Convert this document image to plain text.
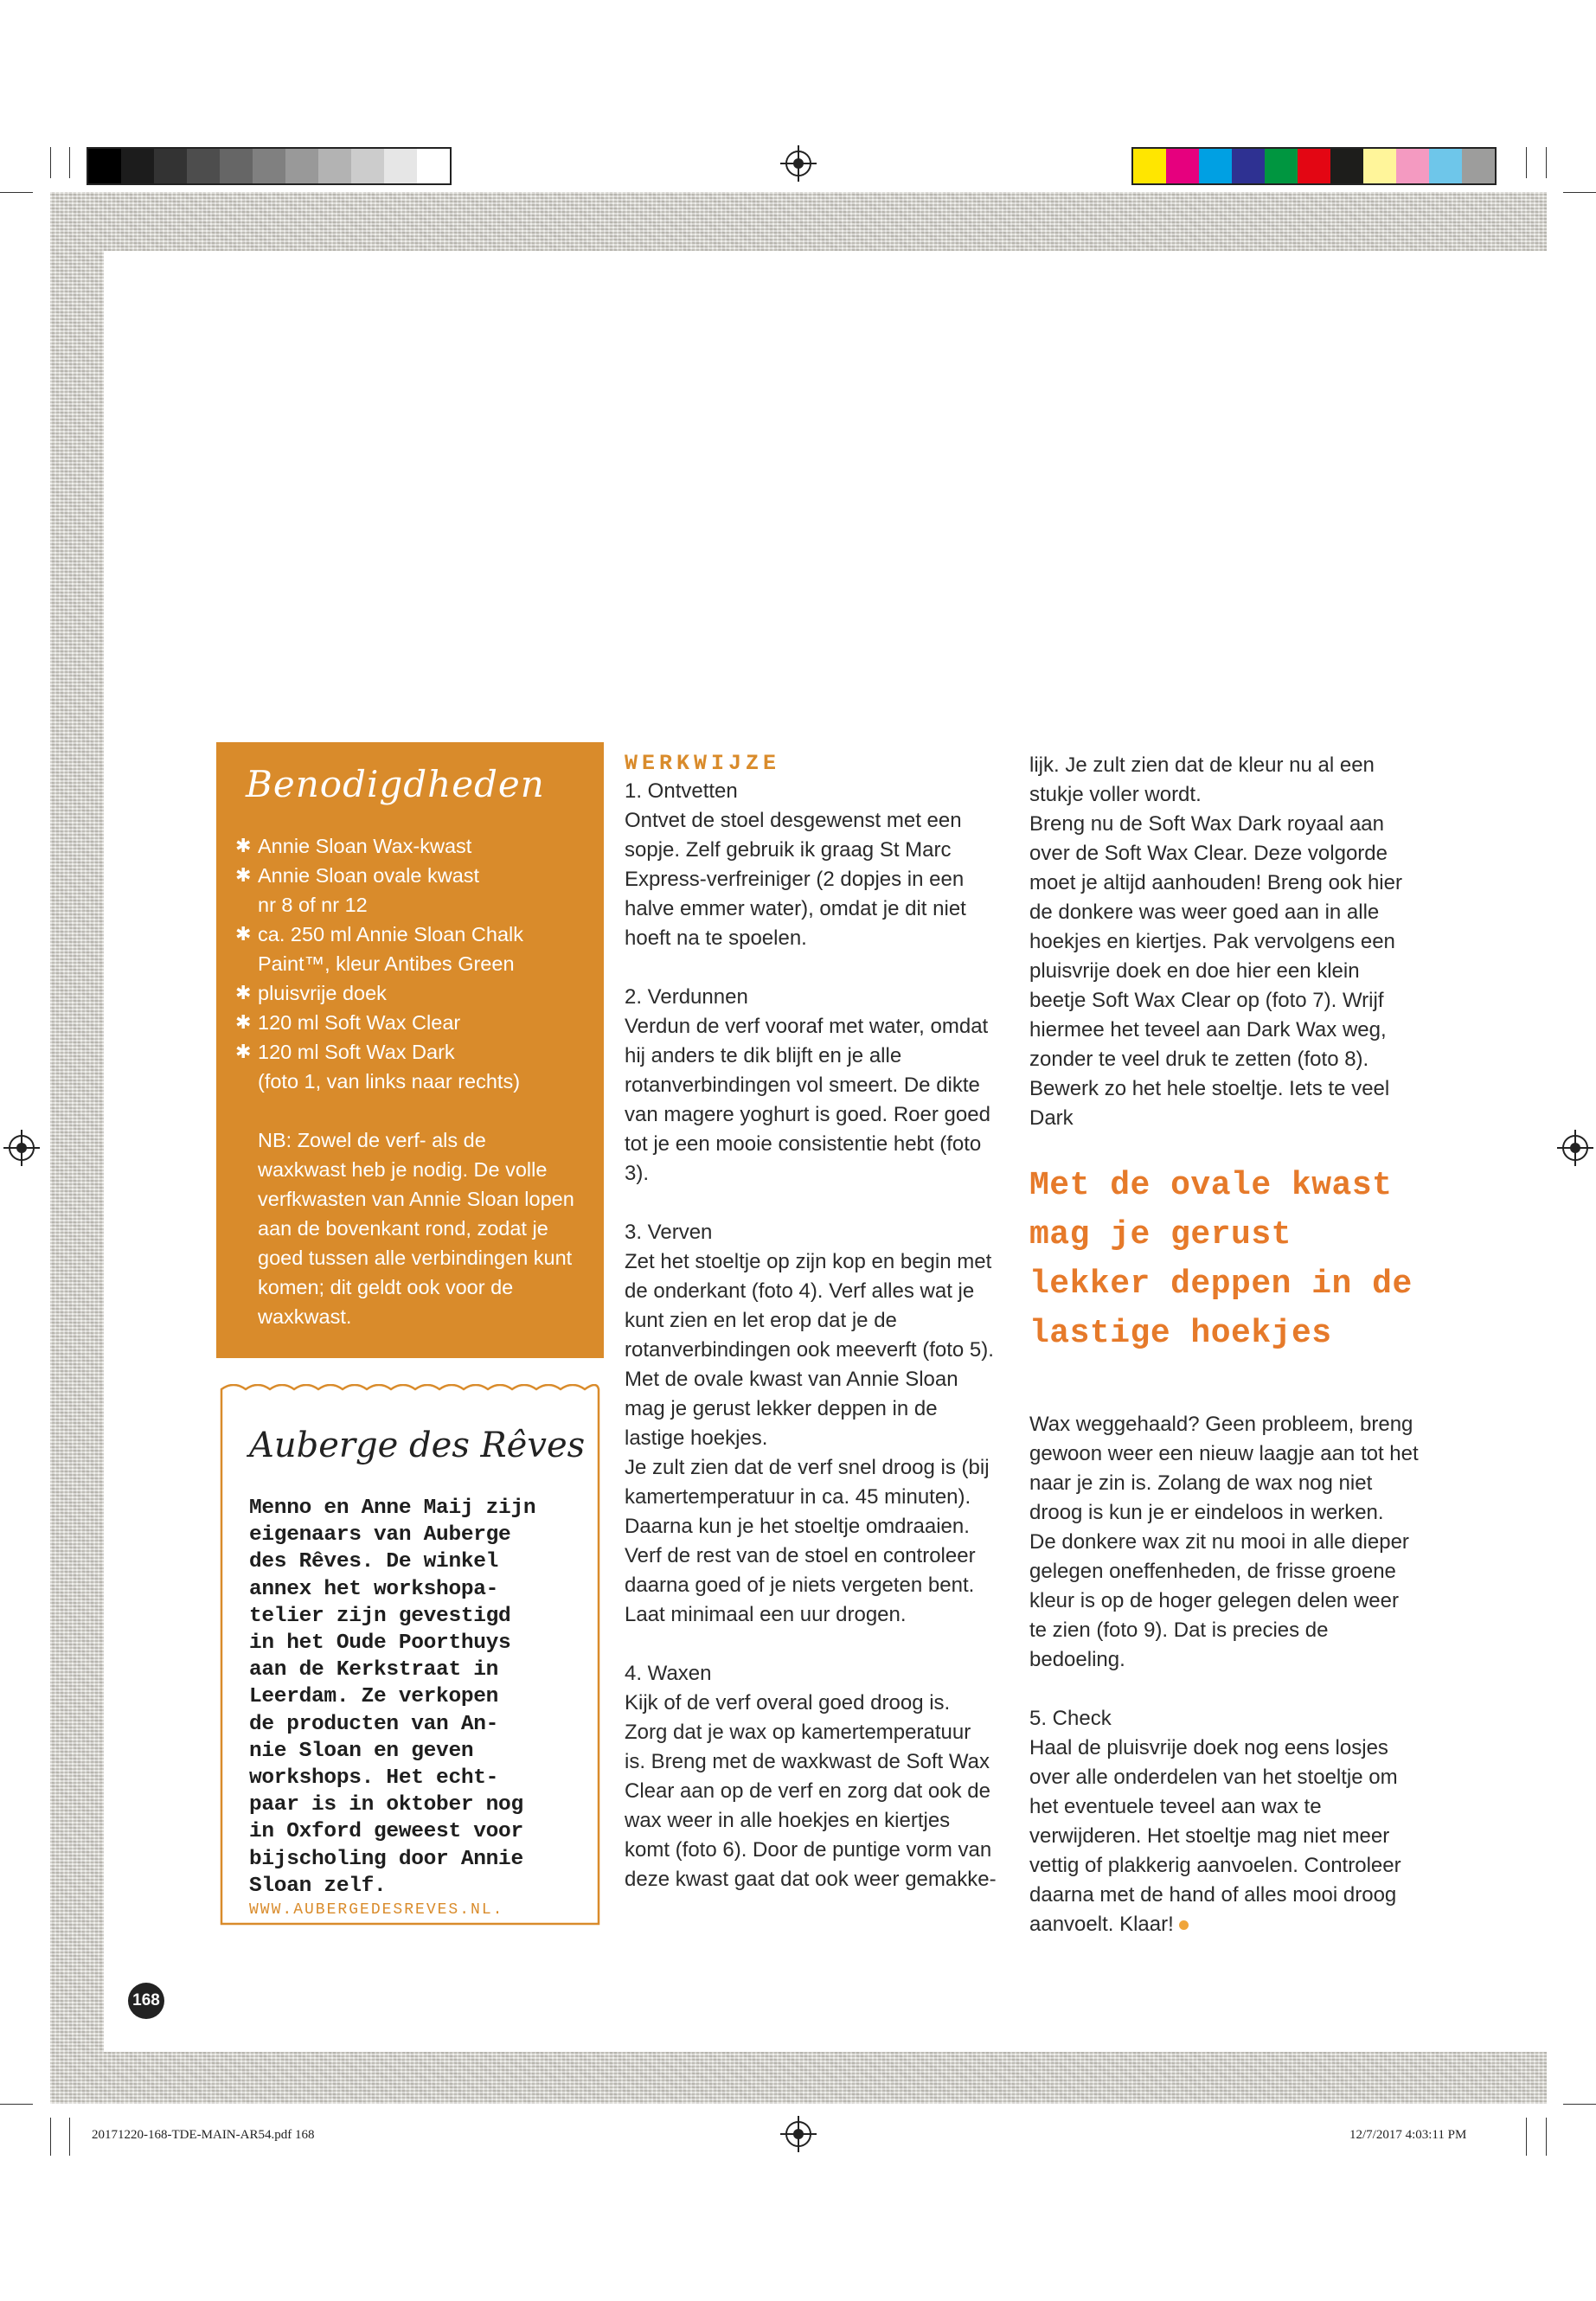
20171220-168-TDE-MAIN-AR54.pdf 168	12/7/2017 4:03:11 PM
Benodigdheden
✱ Annie Sloan Wax-kwast
✱ Annie Sloan ovale kwast
nr 8 of nr 12
✱ ca. 250 ml Annie Sloan Chalk
Paint™, kleur Antibes Green
✱ pluisvrije doek
✱ 120 ml Soft Wax Clear
✱ 120 ml Soft Wax Dark
(foto 1, van links naar rechts)

NB: Zowel de verf- als de waxkwast heb je nodig. De volle verfkwasten van Annie Sloan lopen aan de bovenkant rond, zodat je goed tussen alle verbindingen kunt komen; dit geldt ook voor de waxkwast.

Auberge des Rêves
Menno en Anne Maij zijn
eigenaars van Auberge
des Rêves. De winkel
annex het workshopa-
telier zijn gevestigd
in het Oude Poorthuys
aan de Kerkstraat in
Leerdam. Ze verkopen
de producten van An-
nie Sloan en geven
workshops. Het echt-
paar is in oktober nog
in Oxford geweest voor
bijscholing door Annie
Sloan zelf.
WWW.AUBERGEDESREVES.NL.
WERKWIJZE
1. Ontvetten

Ontvet de stoel desgewenst met een sopje. Zelf gebruik ik graag St Marc Express-verfreiniger (2 dopjes in een halve emmer water), omdat je dit niet hoeft na te spoelen.

2. Verdunnen

Verdun de verf vooraf met water, omdat hij anders te dik blijft en je alle rotanverbindingen vol smeert. De dikte van magere yoghurt is goed. Roer goed tot je een mooie consistentie hebt (foto 3).

3. Verven

Zet het stoeltje op zijn kop en begin met de onderkant (foto 4). Verf alles wat je kunt zien en let erop dat je de rotanverbindingen ook meeverft (foto 5). Met de ovale kwast van Annie Sloan mag je gerust lekker deppen in de lastige hoekjes.

Je zult zien dat de verf snel droog is (bij kamertemperatuur in ca. 45 minuten). Daarna kun je het stoeltje omdraaien. Verf de rest van de stoel en controleer daarna goed of je niets vergeten bent. Laat minimaal een uur drogen.

4. Waxen

Kijk of de verf overal goed droog is. Zorg dat je wax op kamertemperatuur is. Breng met de waxkwast de Soft Wax Clear aan op de verf en zorg dat ook de wax weer in alle hoekjes en kiertjes komt (foto 6). Door de puntige vorm van deze kwast gaat dat ook weer gemakke-

lijk. Je zult zien dat de kleur nu al een stukje voller wordt.

Breng nu de Soft Wax Dark royaal aan over de Soft Wax Clear. Deze volgorde moet je altijd aanhouden! Breng ook hier de donkere was weer goed aan in alle hoekjes en kiertjes. Pak vervolgens een pluisvrije doek en doe hier een klein beetje Soft Wax Clear op (foto 7). Wrijf hiermee het teveel aan Dark Wax weg, zonder te veel druk te zetten (foto 8). Bewerk zo het hele stoeltje. Iets te veel Dark

Met de ovale kwast mag je gerust lekker deppen in de lastige hoekjes

Wax weggehaald? Geen probleem, breng gewoon weer een nieuw laagje aan tot het naar je zin is. Zolang de wax nog niet droog is kun je er eindeloos in werken.

De donkere wax zit nu mooi in alle dieper gelegen oneffenheden, de frisse groene kleur is op de hoger gelegen delen weer te zien (foto 9). Dat is precies de bedoeling.

5. Check

Haal de pluisvrije doek nog eens losjes over alle onderdelen van het stoeltje om het eventuele teveel aan wax te verwijderen. Het stoeltje mag niet meer vettig of plakkerig aanvoelen. Controleer daarna met de hand of alles mooi droog aanvoelt. Klaar!

168
